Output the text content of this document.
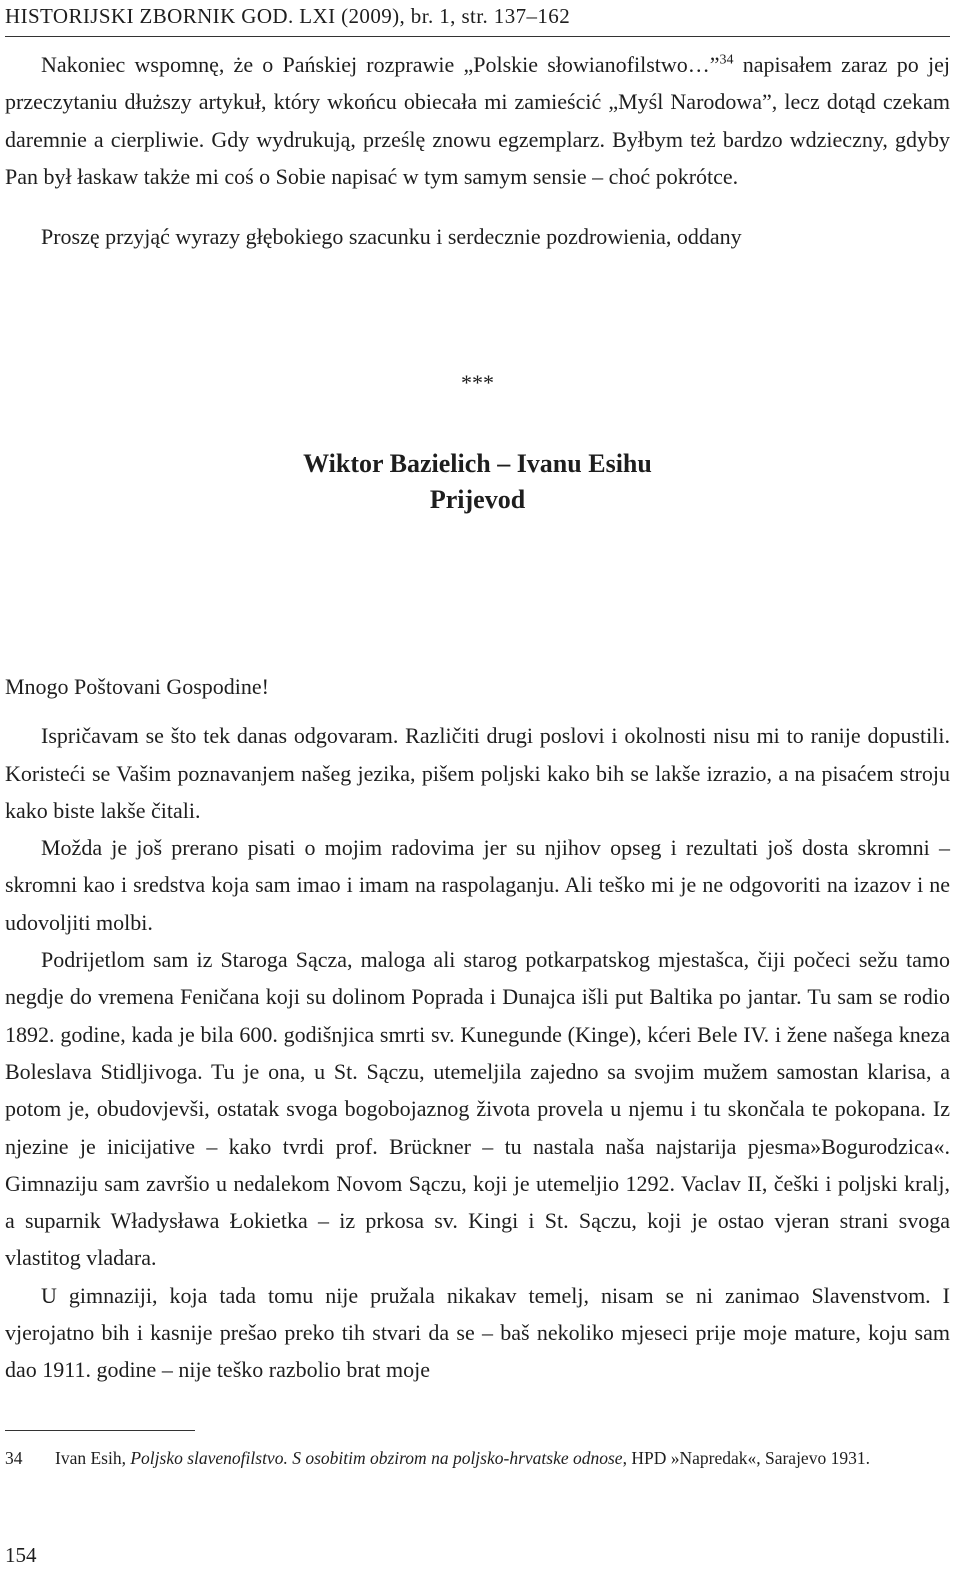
HISTORIJSKI ZBORNIK GOD. LXI (2009), br. 1, str. 137–162

Nakoniec wspomnę, że o Pańskiej rozprawie „Polskie słowianofilstwo…”$^{34}$ napisałem zaraz po jej przeczytaniu dłuższy artykuł, który wkońcu obiecała mi zamieścić „Myśl Narodowa”, lecz dotąd czekam daremnie a cierpliwie. Gdy wydrukują, prześlę znowu egzemplarz. Byłbym też bardzo wdzieczny, gdyby Pan był łaskaw także mi coś o Sobie napisać w tym samym sensie – choć pokrótce.

Proszę przyjąć wyrazy głębokiego szacunku i serdecznie pozdrowienia, oddany

***
Wiktor Bazielich – Ivanu Esihu
Prijevod

Mnogo Poštovani Gospodine!

Ispričavam se što tek danas odgovaram. Različiti drugi poslovi i okolnosti nisu mi to ranije dopustili. Koristeći se Vašim poznavanjem našeg jezika, pišem poljski kako bih se lakše izrazio, a na pisaćem stroju kako biste lakše čitali.

Možda je još prerano pisati o mojim radovima jer su njihov opseg i rezultati još dosta skromni – skromni kao i sredstva koja sam imao i imam na raspolaganju. Ali teško mi je ne odgovoriti na izazov i ne udovoljiti molbi.

Podrijetlom sam iz Staroga Sącza, maloga ali starog potkarpatskog mjestašca, čiji počeci sežu tamo negdje do vremena Feničana koji su dolinom Poprada i Dunajca išli put Baltika po jantar. Tu sam se rodio 1892. godine, kada je bila 600. godišnjica smrti sv. Kunegunde (Kinge), kćeri Bele IV. i žene našega kneza Boleslava Stidljivoga. Tu je ona, u St. Sączu, utemeljila zajedno sa svojim mužem samostan klarisa, a potom je, obudovjevši, ostatak svoga bogobojaznog života provela u njemu i tu skončala te pokopana. Iz njezine je inicijative – kako tvrdi prof. Brückner – tu nastala naša najstarija pjesma»Bogurodzica«. Gimnaziju sam završio u nedalekom Novom Sączu, koji je utemeljio 1292. Vaclav II, češki i poljski kralj, a suparnik Władysława Łokietka – iz prkosa sv. Kingi i St. Sączu, koji je ostao vjeran strani svoga vlastitog vladara.

U gimnaziji, koja tada tomu nije pružala nikakav temelj, nisam se ni zanimao Slavenstvom. I vjerojatno bih i kasnije prešao preko tih stvari da se – baš nekoliko mjeseci prije moje mature, koju sam dao 1911. godine – nije teško razbolio brat moje

34 Ivan Esih, Poljsko slavenofilstvo. S osobitim obzirom na poljsko-hrvatske odnose, HPD »Napredak«, Sarajevo 1931.
154
